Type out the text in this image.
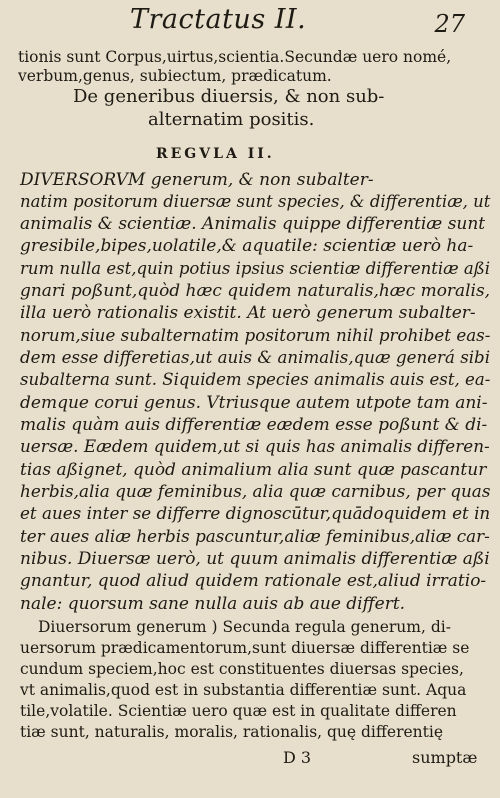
Tractatus II.	27
tionis sunt Corpus,uirtus,scientia.Secundæ uero nomé,
verbum,genus, subiectum, prædicatum.
De generibus diuersis, & non sub-
alternatim positis.
REGVLA II.
DIVERSORVM generum, & non subalter-
natim positorum diuersæ sunt species, & differentiæ, ut
animalis & scientiæ. Animalis quippe differentiæ sunt
gresibile,bipes,uolatile,& aquatile: scientiæ uerò ha-
rum nulla est,quin potius ipsius scientiæ differentiæ aßi
gnari poßunt,quòd hæc quidem naturalis,hæc moralis,
illa uerò rationalis existit. At uerò generum subalter-
norum,siue subalternatim positorum nihil prohibet eas-
dem esse differetias,ut auis & animalis,quæ generá sibi
subalterna sunt. Siquidem species animalis auis est, ea-
demque corui genus. Vtriusque autem utpote tam ani-
malis quàm auis differentiæ eædem esse poßunt & di-
uersæ. Eædem quidem,ut si quis has animalis differen-
tias aßignet, quòd animalium alia sunt quæ pascantur
herbis,alia quæ feminibus, alia quæ carnibus, per quas
et aues inter se differre dignoscūtur,quādoquidem et in
ter aues aliæ herbis pascuntur,aliæ feminibus,aliæ car-
nibus. Diuersæ uerò, ut quum animalis differentiæ aßi
gnantur, quod aliud quidem rationale est,aliud irratio-
nale: quorsum sane nulla auis ab aue differt.
Diuersorum generum ) Secunda regula generum, di-
uersorum prædicamentorum,sunt diuersæ differentiæ se
cundum speciem,hoc est constituentes diuersas species,
vt animalis,quod est in substantia differentiæ sunt. Aqua
tile,volatile. Scientiæ uero quæ est in qualitate differen
tiæ sunt, naturalis, moralis, rationalis, quę differentię
D 3	sumptæ
